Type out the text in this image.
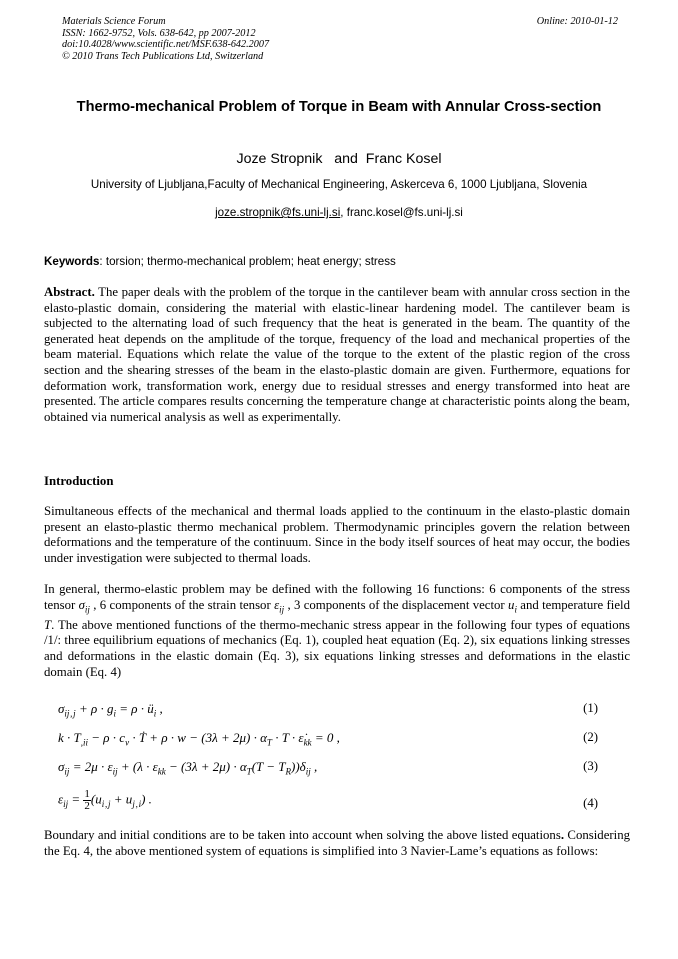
Materials Science Forum
ISSN: 1662-9752, Vols. 638-642, pp 2007-2012
doi:10.4028/www.scientific.net/MSF.638-642.2007
© 2010 Trans Tech Publications Ltd, Switzerland
Online: 2010-01-12
Thermo-mechanical Problem of Torque in Beam with Annular Cross-section
Joze Stropnik   and  Franc Kosel
University of Ljubljana,Faculty of Mechanical Engineering, Askerceva 6, 1000 Ljubljana, Slovenia
joze.stropnik@fs.uni-lj.si, franc.kosel@fs.uni-lj.si
Keywords: torsion; thermo-mechanical problem; heat energy; stress
Abstract. The paper deals with the problem of the torque in the cantilever beam with annular cross section in the elasto-plastic domain, considering the material with elastic-linear hardening model. The cantilever beam is subjected to the alternating load of such frequency that the heat is generated in the beam. The quantity of the generated heat depends on the amplitude of the torque, frequency of the load and mechanical properties of the beam material. Equations which relate the value of the torque to the extent of the plastic region of the cross section and the shearing stresses of the beam in the elasto-plastic domain are given. Furthermore, equations for deformation work, transformation work, energy due to residual stresses and energy transformed into heat are presented. The article compares results concerning the temperature change at characteristic points along the beam, obtained via numerical analysis as well as experimentally.
Introduction
Simultaneous effects of the mechanical and thermal loads applied to the continuum in the elasto-plastic domain present an elasto-plastic thermo mechanical problem. Thermodynamic principles govern the relation between deformations and the temperature of the continuum. Since in the body itself sources of heat may occur, the bodies under investigation were subjected to thermal loads.
In general, thermo-elastic problem may be defined with the following 16 functions: 6 components of the stress tensor $\sigma_{ij}$ , 6 components of the strain tensor $\varepsilon_{ij}$ , 3 components of the displacement vector $u_i$ and temperature field T. The above mentioned functions of the thermo-mechanic stress appear in the following four types of equations /1/: three equilibrium equations of mechanics (Eq. 1), coupled heat equation (Eq. 2), six equations linking stresses and deformations in the elastic domain (Eq. 3), six equations linking stresses and deformations in the elastic domain (Eq. 4)
$\sigma_{ij , j} + \rho \cdot g_i = \rho$ · $ü_i$ ,	(1)
$k \cdot T_{,ii} - \rho \cdot c_v$ · Ṫ + $\rho \cdot w - (3\lambda + 2\mu) \cdot \alpha_T \cdot T$ · $\varepsiloṅ_{kk} = 0$ ,	(2)
$\sigma_{ij} = 2\mu \cdot \varepsilon_{ij} + (\lambda \cdot \varepsilon_{kk} - (3\lambda + 2\mu) \cdot \alpha_T(T - T_R))\delta_{ij}$ ,	(3)
$\varepsilon_{ij} = \frac{1}{2} (u_{i , j} + u_{j , i})$ .	(4)
Boundary and initial conditions are to be taken into account when solving the above listed equations. Considering the Eq. 4, the above mentioned system of equations is simplified into 3 Navier-Lame’s equations as follows:
